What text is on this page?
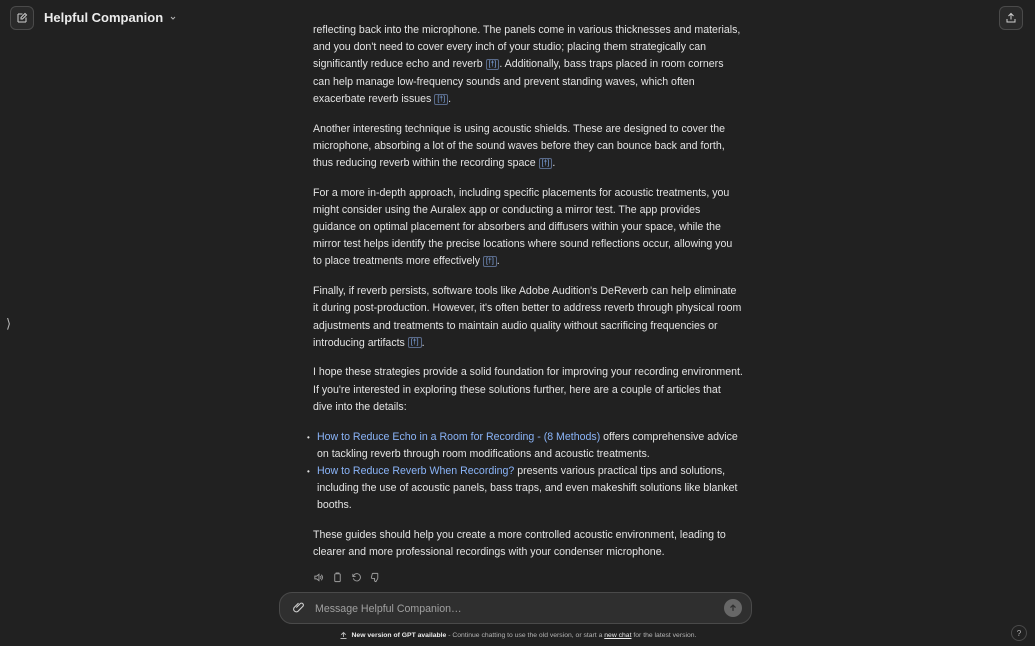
Helpful Companion
⟩

reflecting back into the microphone. The panels come in various thicknesses and materials, and you don't need to cover every inch of your studio; placing them strategically can significantly reduce echo and reverb [†] . Additionally, bass traps placed in room corners can help manage low-frequency sounds and prevent standing waves, which often exacerbate reverb issues [†] .

Another interesting technique is using acoustic shields. These are designed to cover the microphone, absorbing a lot of the sound waves before they can bounce back and forth, thus reducing reverb within the recording space [†] .

For a more in-depth approach, including specific placements for acoustic treatments, you might consider using the Auralex app or conducting a mirror test. The app provides guidance on optimal placement for absorbers and diffusers within your space, while the mirror test helps identify the precise locations where sound reflections occur, allowing you to place treatments more effectively [†] .

Finally, if reverb persists, software tools like Adobe Audition's DeReverb can help eliminate it during post-production. However, it's often better to address reverb through physical room adjustments and treatments to maintain audio quality without sacrificing frequencies or introducing artifacts [†] .

I hope these strategies provide a solid foundation for improving your recording environment. If you're interested in exploring these solutions further, here are a couple of articles that dive into the details:

• How to Reduce Echo in a Room for Recording - (8 Methods) offers comprehensive advice on tackling reverb through room modifications and acoustic treatments.
• How to Reduce Reverb When Recording? presents various practical tips and solutions, including the use of acoustic panels, bass traps, and even makeshift solutions like blanket booths.

These guides should help you create a more controlled acoustic environment, leading to clearer and more professional recordings with your condenser microphone.

Message Helpful Companion…
New version of GPT available - Continue chatting to use the old version, or start a new chat for the latest version.	?
